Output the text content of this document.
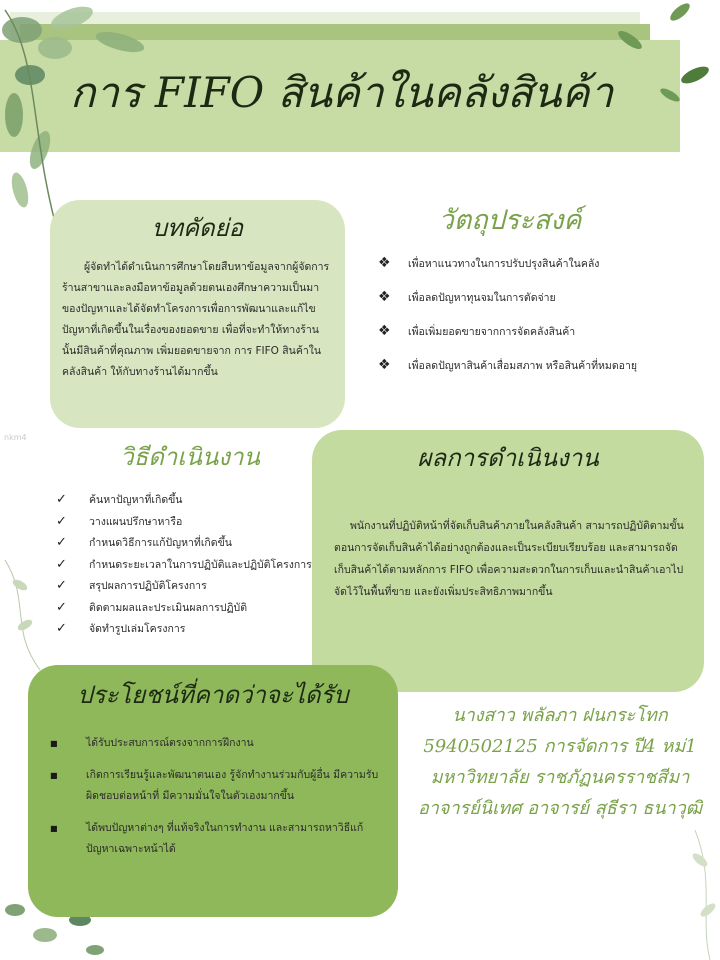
การ FIFO สินค้าในคลังสินค้า
nkm4
บทคัดย่อ
ผู้จัดทำได้ดำเนินการศึกษาโดยสืบหาข้อมูลจากผู้จัดการร้านสาขาและลงมือหาข้อมูลด้วยตนเองศึกษาความเป็นมาของปัญหาและได้จัดทำโครงการเพื่อการพัฒนาและแก้ไขปัญหาที่เกิดขึ้นในเรื่องของยอดขาย เพื่อที่จะทำให้ทางร้านนั้นมีสินค้าที่คุณภาพ เพิ่มยอดขายจาก การ FIFO สินค้าในคลังสินค้า ให้กับทางร้านได้มากขึ้น
วัตถุประสงค์
❖	เพื่อหาแนวทางในการปรับปรุงสินค้าในคลัง
❖	เพื่อลดปัญหาทุนจมในการตัดจ่าย
❖	เพื่อเพิ่มยอดขายจากการจัดคลังสินค้า
❖	เพื่อลดปัญหาสินค้าเสื่อมสภาพ หรือสินค้าที่หมดอายุ
วิธีดำเนินงาน
✓	ค้นหาปัญหาที่เกิดขึ้น
✓	วางแผนปรึกษาหารือ
✓	กำหนดวิธีการแก้ปัญหาที่เกิดขึ้น
✓	กำหนดระยะเวลาในการปฏิบัติและปฏิบัติโครงการ
✓	สรุปผลการปฏิบัติโครงการ
✓	ติดตามผลและประเมินผลการปฏิบัติ
✓	จัดทำรูปเล่มโครงการ
ผลการดำเนินงาน
พนักงานที่ปฏิบัติหน้าที่จัดเก็บสินค้าภายในคลังสินค้า สามารถปฏิบัติตามขั้นตอนการจัดเก็บสินค้าได้อย่างถูกต้องและเป็นระเบียบเรียบร้อย และสามารถจัดเก็บสินค้าได้ตามหลักการ FIFO เพื่อความสะดวกในการเก็บและนำสินค้าเอาไปจัดไว้ในพื้นที่ขาย และยังเพิ่มประสิทธิภาพมากขึ้น
ประโยชน์ที่คาดว่าจะได้รับ
■	ได้รับประสบการณ์ตรงจากการฝึกงาน
■	เกิดการเรียนรู้และพัฒนาตนเอง รู้จักทำงานร่วมกับผู้อื่น มีความรับผิดชอบต่อหน้าที่ มีความมั่นใจในตัวเองมากขึ้น
■	ได้พบปัญหาต่างๆ ที่แท้จริงในการทำงาน และสามารถหาวิธีแก้ปัญหาเฉพาะหน้าได้
นางสาว พลัลภา ฝนกระโทก
5940502125 การจัดการ ปี4 หม่1
มหาวิทยาลัย ราชภัฏนครราชสีมา
อาจารย์นิเทศ อาจารย์ สุธีรา ธนาวุฒิ
